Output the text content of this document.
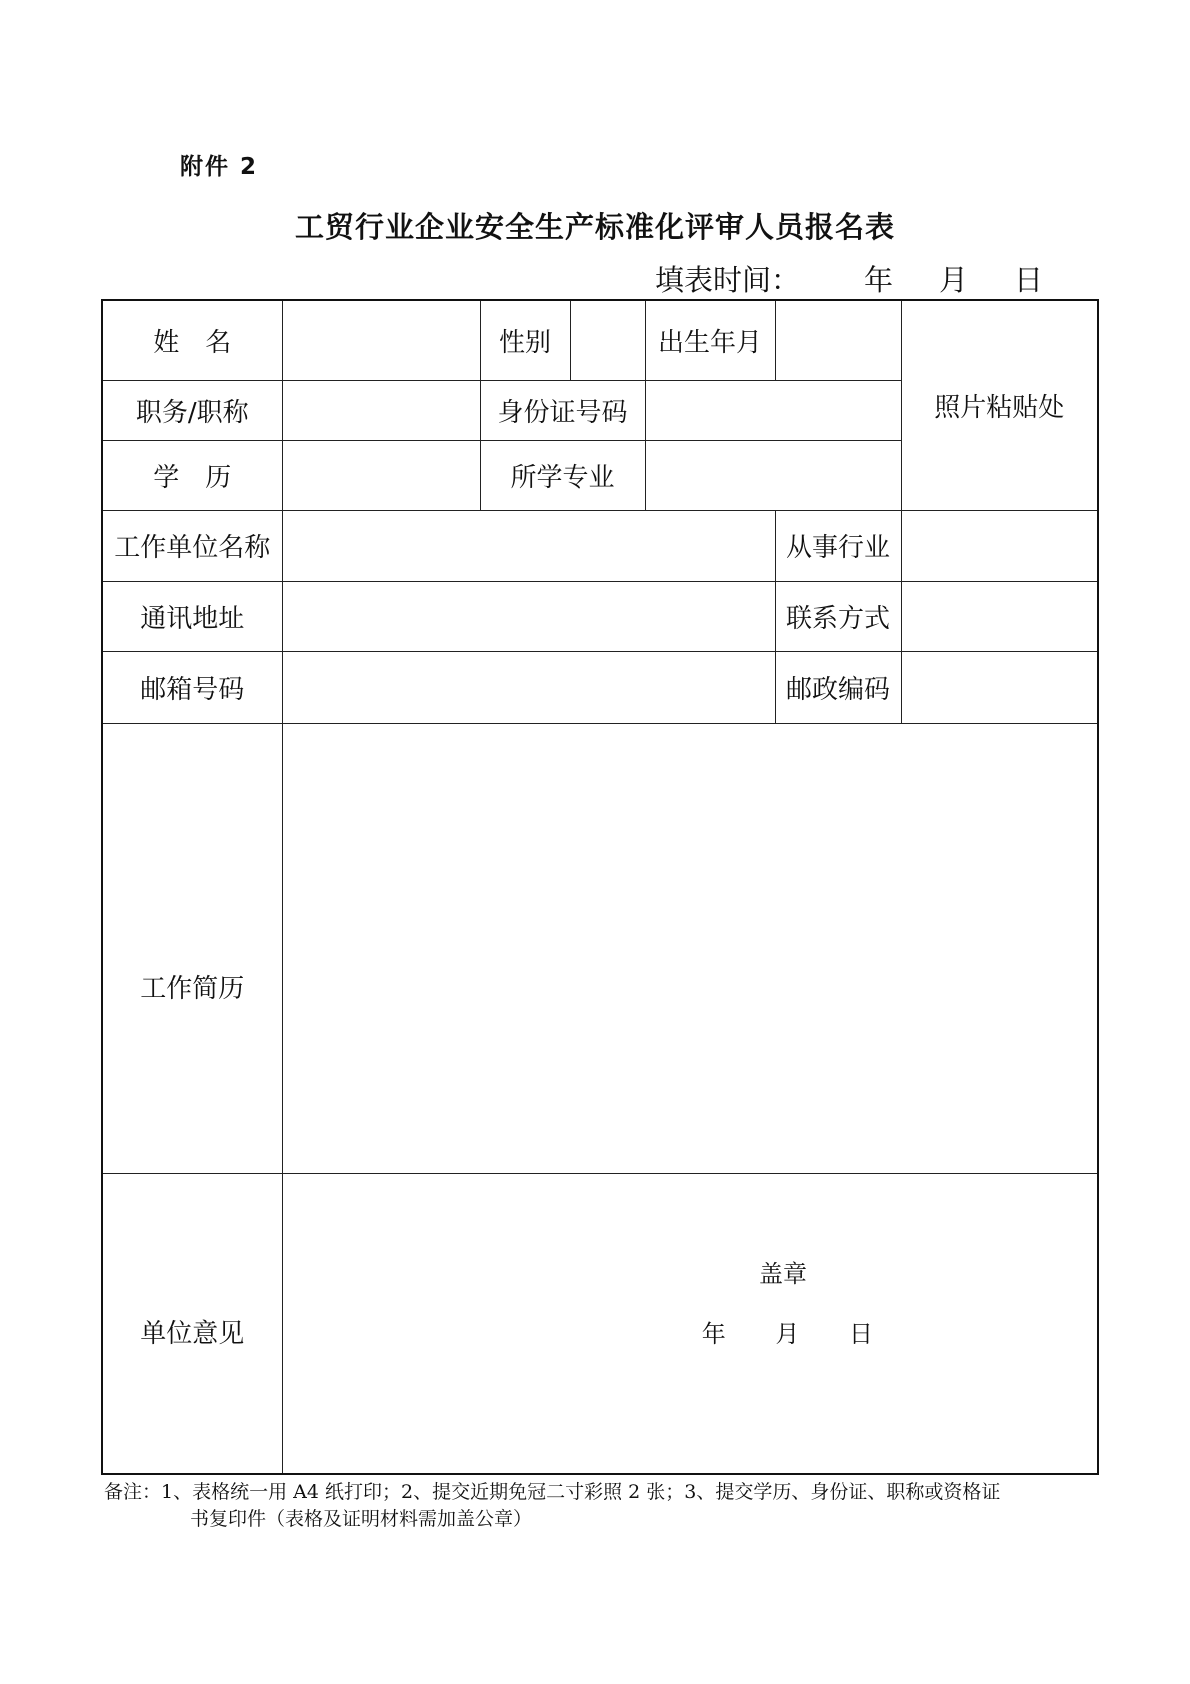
附件 2
工贸行业企业安全生产标准化评审人员报名表
填表时间： 年 月 日
姓　名		性别		出生年月		照片粘贴处
职务/职称		身份证号码				
学　历		所学专业				
工作单位名称					从事行业	
通讯地址					联系方式	
邮箱号码					邮政编码	
工作简历						
单位意见	盖章
年 月 日					
备注：1、表格统一用 A4 纸打印；2、提交近期免冠二寸彩照 2 张；3、提交学历、身份证、职称或资格证
书复印件（表格及证明材料需加盖公章）
